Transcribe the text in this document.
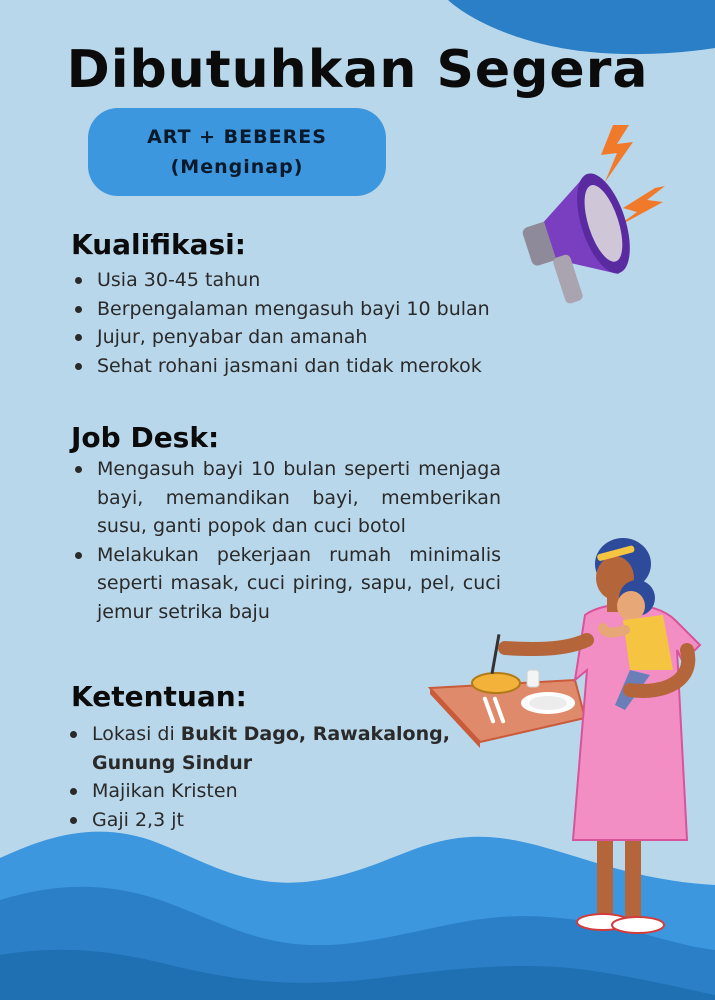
Dibutuhkan Segera
ART + BEBERES
(Menginap)
Kualifikasi:
Usia 30-45 tahun
Berpengalaman mengasuh bayi 10 bulan
Jujur, penyabar dan amanah
Sehat rohani jasmani dan tidak merokok
Job Desk:
Mengasuh bayi 10 bulan seperti menjaga bayi, memandikan bayi, memberikan susu, ganti popok dan cuci botol
Melakukan pekerjaan rumah minimalis seperti masak, cuci piring, sapu, pel, cuci jemur setrika baju
Ketentuan:
Lokasi di Bukit Dago, Rawakalong, Gunung Sindur
Majikan Kristen
Gaji 2,3 jt
